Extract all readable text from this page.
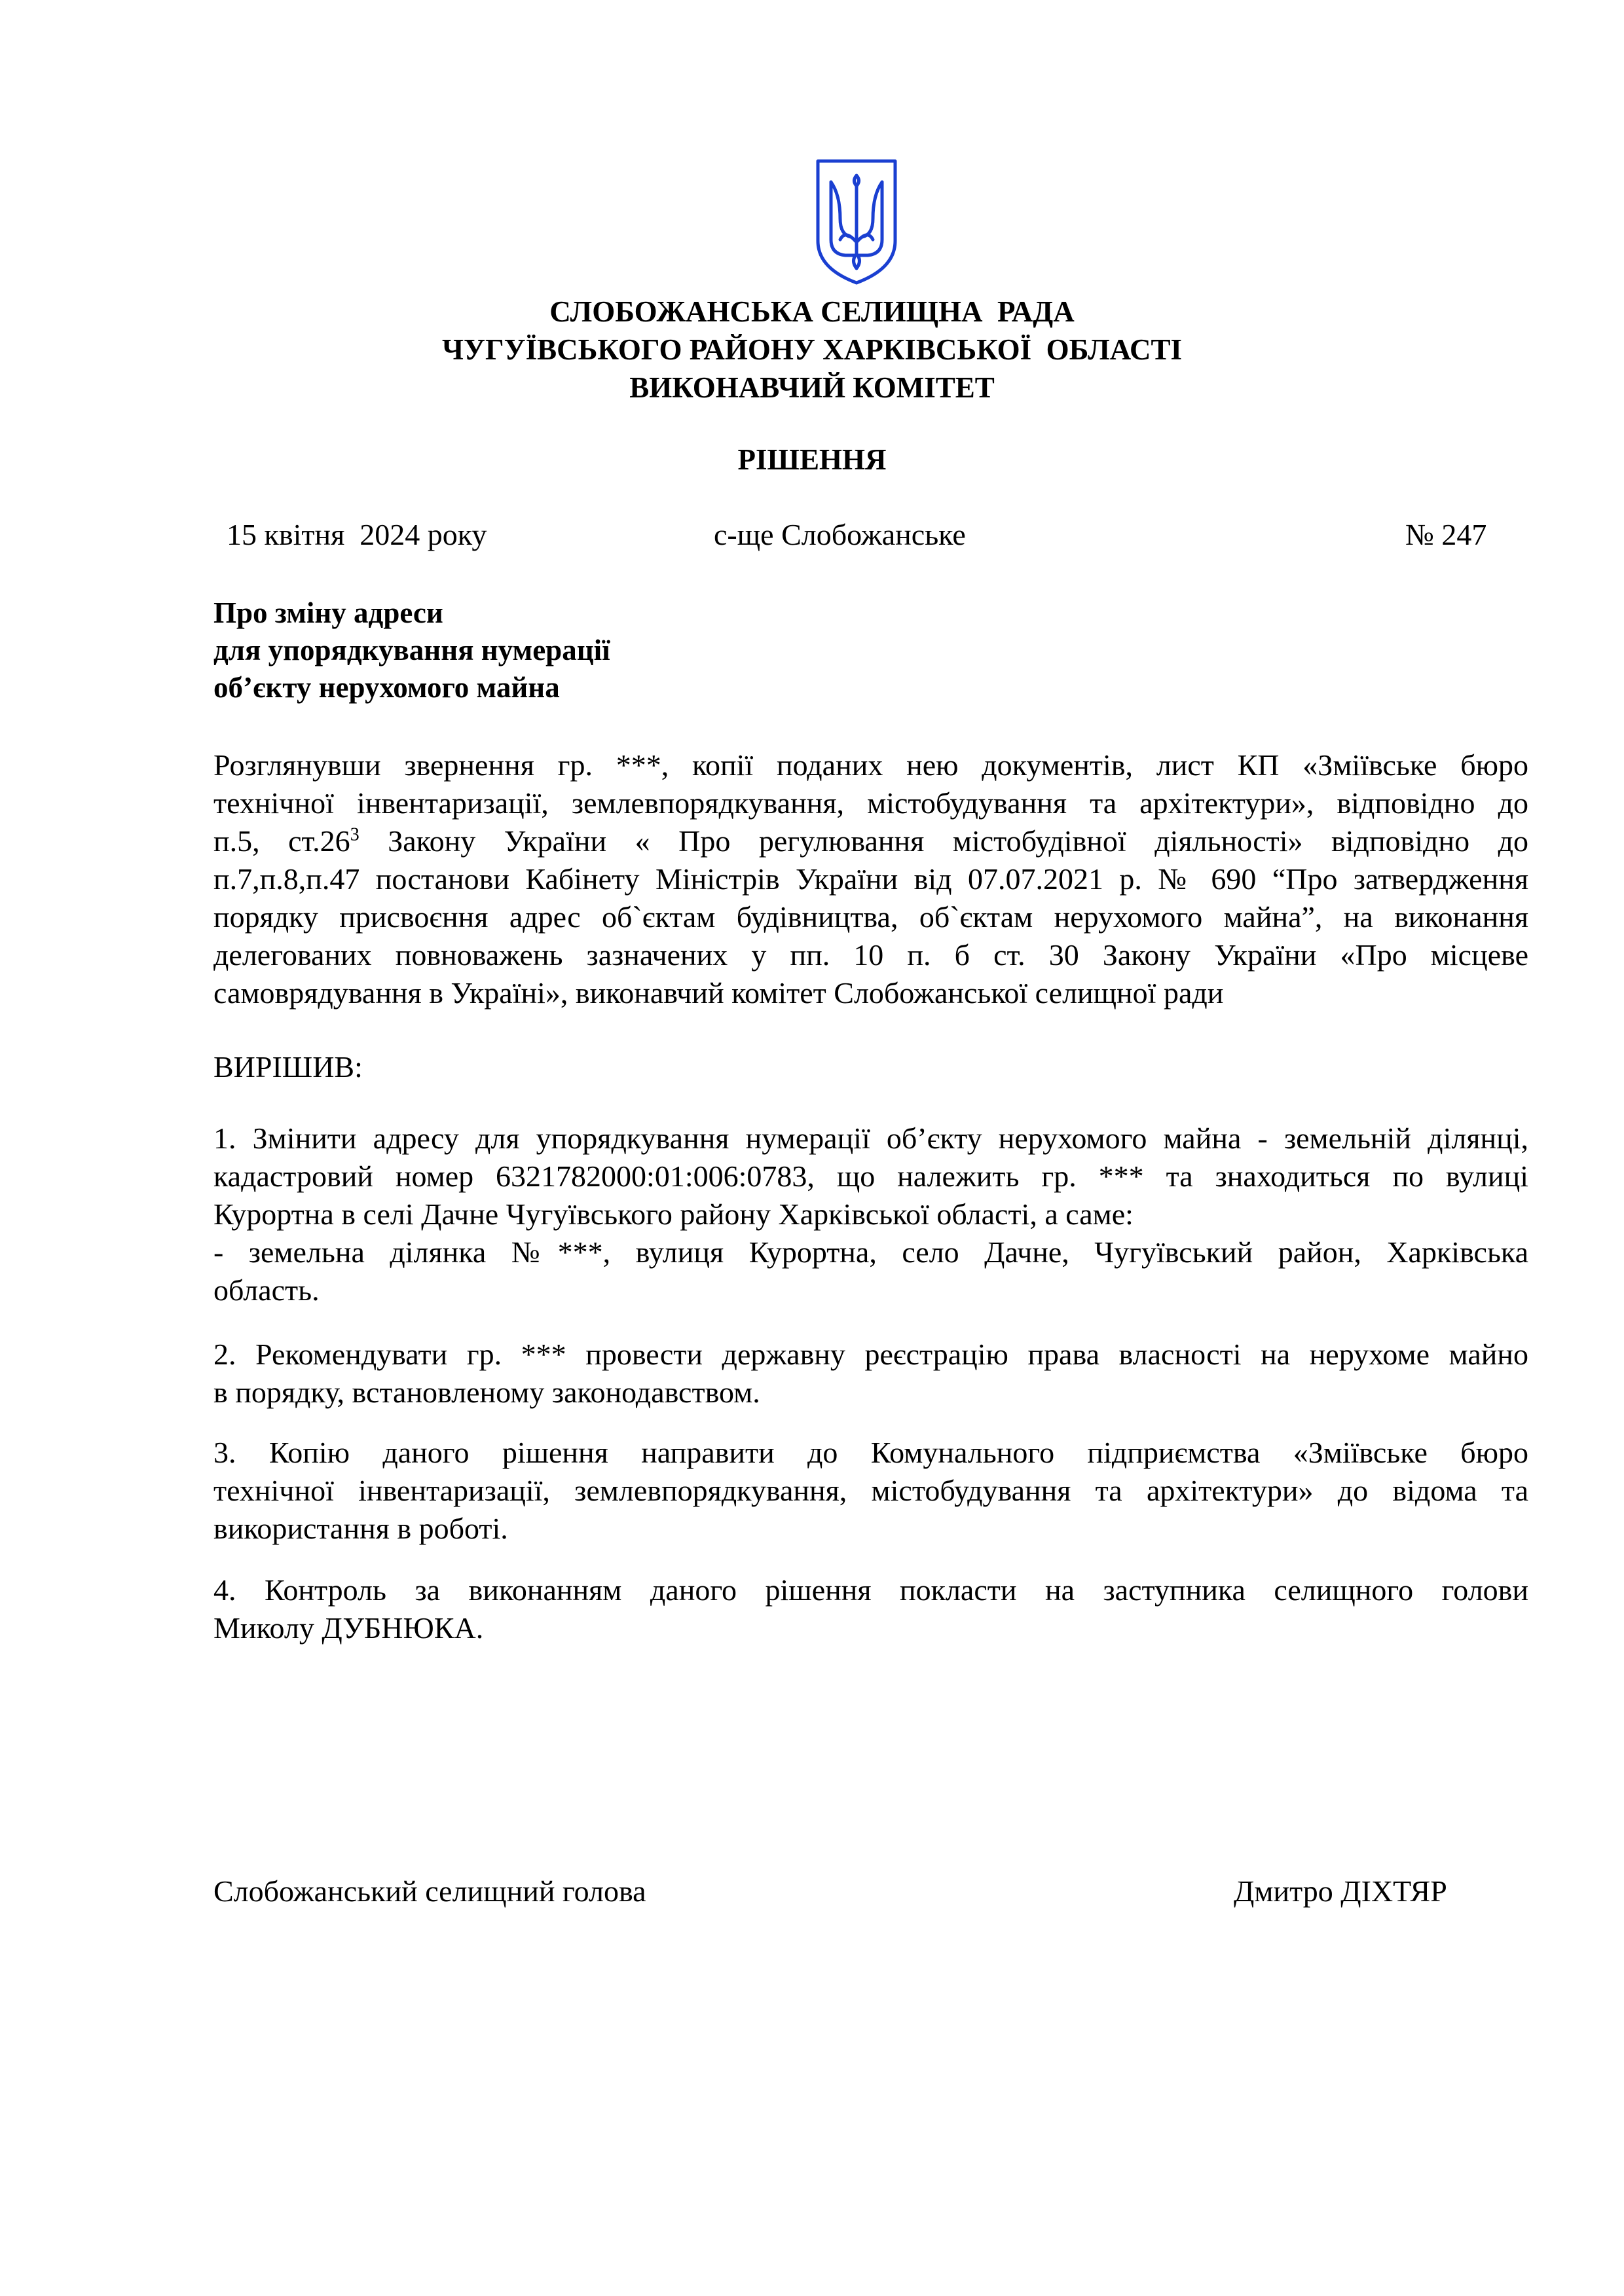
СЛОБОЖАНСЬКА СЕЛИЩНА  РАДА
ЧУГУЇВСЬКОГО РАЙОНУ ХАРКІВСЬКОЇ  ОБЛАСТІ
ВИКОНАВЧИЙ КОМІТЕТ
РІШЕННЯ
15 квітня  2024 року	с-ще Слобожанське	№ 247
Про зміну адреси
для упорядкування нумерації
об’єкту нерухомого майна
Розглянувши звернення гр. ***, копії поданих нею документів, лист КП «Зміївське бюро
технічної інвентаризації, землевпорядкування, містобудування та архітектури», відповідно до
п.5, $ст.26^3$ Закону України « Про регулювання містобудівної діяльності» відповідно до
п.7,п.8,п.47 постанови Кабінету Міністрів України від 07.07.2021 р. № 690 “Про затвердження
порядку присвоєння адрес об`єктам будівництва, об`єктам нерухомого майна”, на виконання
делегованих повноважень зазначених у пп. 10 п. б ст. 30 Закону України «Про місцеве
самоврядування в Україні», виконавчий комітет Слобожанської селищної ради
ВИРІШИВ:
1. Змінити адресу для упорядкування нумерації об’єкту нерухомого майна - земельній ділянці,
кадастровий номер 6321782000:01:006:0783, що належить гр. *** та знаходиться по вулиці
Курортна в селі Дачне Чугуївського району Харківської області, а саме:
- земельна ділянка №***, вулиця Курортна, село Дачне, Чугуївський район, Харківська
область.
2. Рекомендувати гр. *** провести державну реєстрацію права власності на нерухоме майно
в порядку, встановленому законодавством.
3. Копію даного рішення направити до Комунального підприємства «Зміївське бюро
технічної інвентаризації, землевпорядкування, містобудування та архітектури» до відома та
використання в роботі.
4. Контроль за виконанням даного рішення покласти на заступника селищного голови
Миколу ДУБНЮКА.
Слобожанський селищний голова	Дмитро ДІХТЯР
